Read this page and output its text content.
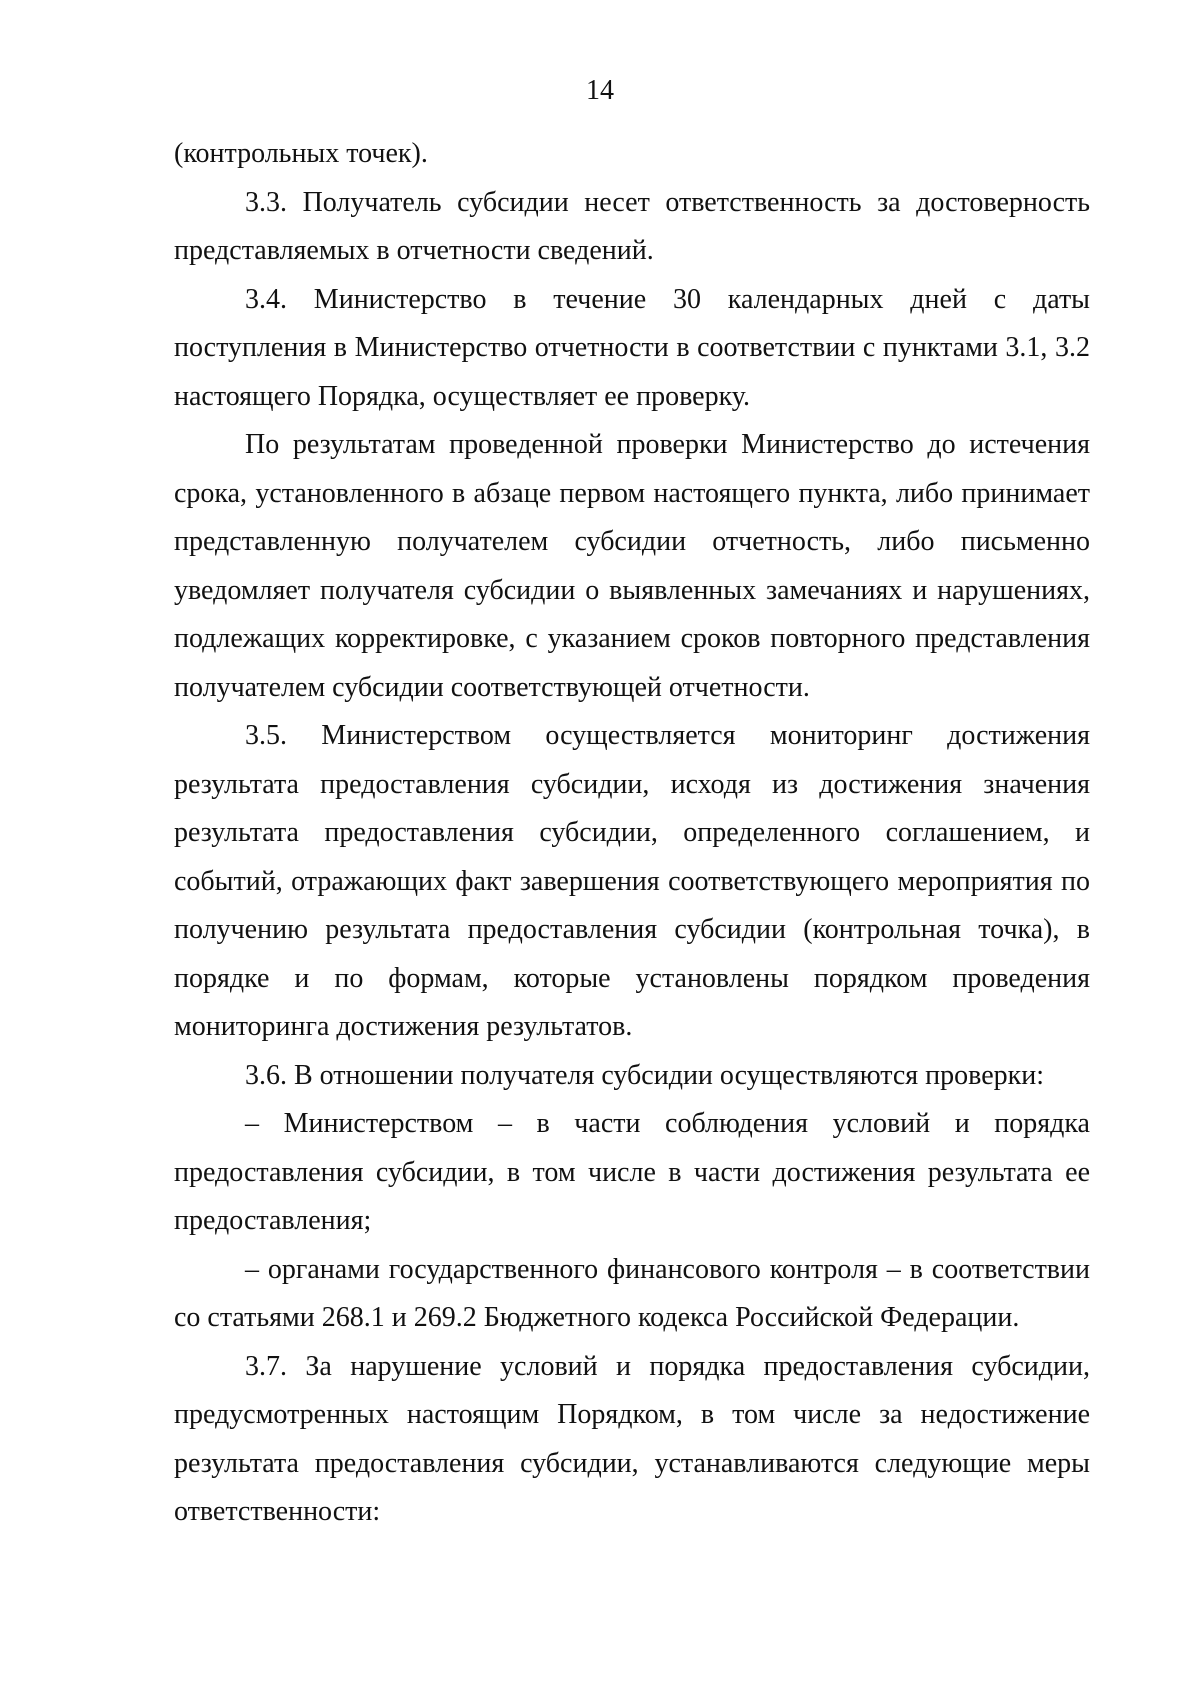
14

(контрольных точек).

3.3. Получатель субсидии несет ответственность за достоверность представляемых в отчетности сведений.

3.4. Министерство в течение 30 календарных дней с даты поступления в Министерство отчетности в соответствии с пунктами 3.1, 3.2 настоящего Порядка, осуществляет ее проверку.

По результатам проведенной проверки Министерство до истечения срока, установленного в абзаце первом настоящего пункта, либо принимает представленную получателем субсидии отчетность, либо письменно уведомляет получателя субсидии о выявленных замечаниях и нарушениях, подлежащих корректировке, с указанием сроков повторного представления получателем субсидии соответствующей отчетности.

3.5. Министерством осуществляется мониторинг достижения результата предоставления субсидии, исходя из достижения значения результата предоставления субсидии, определенного соглашением, и событий, отражающих факт завершения соответствующего мероприятия по получению результата предоставления субсидии (контрольная точка), в порядке и по формам, которые установлены порядком проведения мониторинга достижения результатов.

3.6. В отношении получателя субсидии осуществляются проверки:

– Министерством – в части соблюдения условий и порядка предоставления субсидии, в том числе в части достижения результата ее предоставления;

– органами государственного финансового контроля – в соответствии со статьями 268.1 и 269.2 Бюджетного кодекса Российской Федерации.

3.7. За нарушение условий и порядка предоставления субсидии, предусмотренных настоящим Порядком, в том числе за недостижение результата предоставления субсидии, устанавливаются следующие меры ответственности:
